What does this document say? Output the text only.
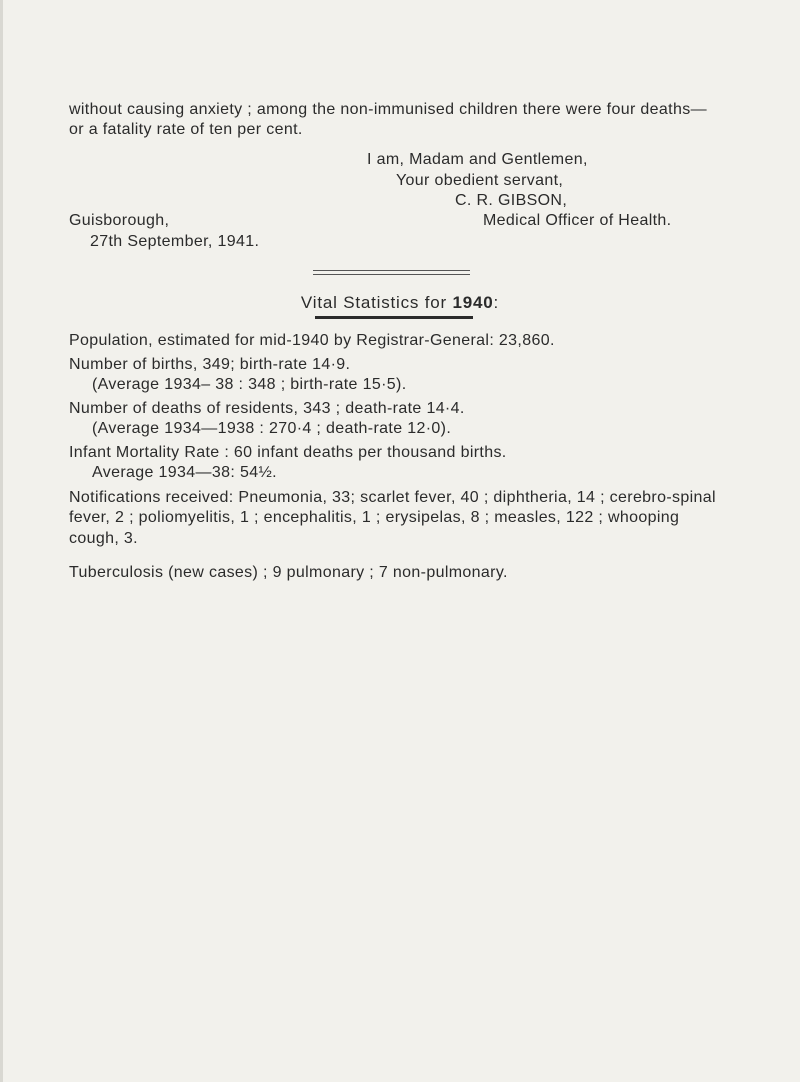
without causing anxiety ; among the non-immunised children there were four deaths—
or a fatality rate of ten per cent.
I am, Madam and Gentlemen,
Your obedient servant,
C. R. GIBSON,
Medical Officer of Health.
Guisborough,
27th September, 1941.
Vital Statistics for 1940:
Population, estimated for mid-1940 by Registrar-General: 23,860.
Number of births, 349; birth-rate 14·9.
(Average 1934– 38 : 348 ; birth-rate 15·5).
Number of deaths of residents, 343 ; death-rate 14·4.
(Average 1934—1938 : 270·4 ; death-rate 12·0).
Infant Mortality Rate : 60 infant deaths per thousand births.
Average 1934—38: 54½.
Notifications received: Pneumonia, 33; scarlet fever, 40 ; diphtheria, 14 ; cerebro-spinal
fever, 2 ; poliomyelitis, 1 ; encephalitis, 1 ; erysipelas, 8 ; measles, 122 ; whooping
cough, 3.
Tuberculosis (new cases) ; 9 pulmonary ; 7 non-pulmonary.
